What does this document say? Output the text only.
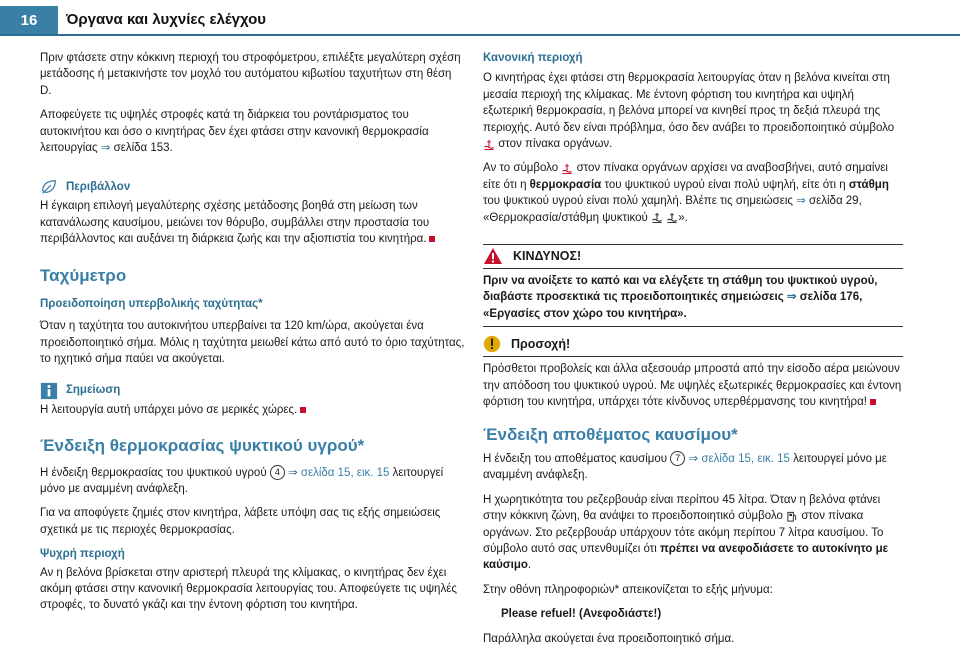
16	Όργανα και λυχνίες ελέγχου

Πριν φτάσετε στην κόκκινη περιοχή του στροφόμετρου, επιλέξτε μεγαλύτερη σχέση μετάδοσης ή μετακινήστε τον μοχλό του αυτόματου κιβωτίου ταχυτήτων στη θέση D.

Αποφεύγετε τις υψηλές στροφές κατά τη διάρκεια του ροντάρισματος του αυτοκινήτου και όσο ο κινητήρας δεν έχει φτάσει στην κανονική θερμοκρασία λειτουργίας ⇒ σελίδα 153.

Περιβάλλον

Η έγκαιρη επιλογή μεγαλύτερης σχέσης μετάδοσης βοηθά στη μείωση των κατανάλωσης καυσίμου, μειώνει τον θόρυβο, συμβάλλει στην προστασία του περιβάλλοντος και αυξάνει τη διάρκεια ζωής και την αξιοπιστία του κινητήρα.

Ταχύμετρο
Προειδοποίηση υπερβολικής ταχύτητας*

Όταν η ταχύτητα του αυτοκινήτου υπερβαίνει τα 120 km/ώρα, ακούγεται ένα προειδοποιητικό σήμα. Μόλις η ταχύτητα μειωθεί κάτω από αυτό το όριο ταχύτητας, το ηχητικό σήμα παύει να ακούγεται.

Σημείωση

Η λειτουργία αυτή υπάρχει μόνο σε μερικές χώρες.

Ένδειξη θερμοκρασίας ψυκτικού υγρού*

Η ένδειξη θερμοκρασίας του ψυκτικού υγρού 4 ⇒ σελίδα 15, εικ. 15 λειτουργεί μόνο με αναμμένη ανάφλεξη.

Για να αποφύγετε ζημιές στον κινητήρα, λάβετε υπόψη σας τις εξής σημειώσεις σχετικά με τις περιοχές θερμοκρασίας.

Ψυχρή περιοχή

Αν η βελόνα βρίσκεται στην αριστερή πλευρά της κλίμακας, ο κινητήρας δεν έχει ακόμη φτάσει στην κανονική θερμοκρασία λειτουργίας του. Αποφεύγετε τις υψηλές στροφές, το δυνατό γκάζι και την έντονη φόρτιση του κινητήρα.

Κανονική περιοχή

Ο κινητήρας έχει φτάσει στη θερμοκρασία λειτουργίας όταν η βελόνα κινείται στη μεσαία περιοχή της κλίμακας. Με έντονη φόρτιση του κινητήρα και υψηλή εξωτερική θερμοκρασία, η βελόνα μπορεί να κινηθεί προς τη δεξιά πλευρά της περιοχής. Αυτό δεν είναι πρόβλημα, όσο δεν ανάβει το προειδοποιητικό σύμβολο  στον πίνακα οργάνων.

Αν το σύμβολο στον πίνακα οργάνων αρχίσει να αναβοσβήνει, αυτό σημαίνει είτε ότι η θερμοκρασία του ψυκτικού υγρού είναι πολύ υψηλή, είτε ότι η στάθμη του ψυκτικού υγρού είναι πολύ χαμηλή. Βλέπε τις σημειώσεις ⇒ σελίδα 29, «Θερμοκρασία/στάθμη ψυκτικού	».

ΚΙΝΔΥΝΟΣ!

Πριν να ανοίξετε το καπό και να ελέγξετε τη στάθμη του ψυκτικού υγρού, διαβάστε προσεκτικά τις προειδοποιητικές σημειώσεις ⇒ σελίδα 176, «Εργασίες στον χώρο του κινητήρα».

Προσοχή!

Πρόσθετοι προβολείς και άλλα αξεσουάρ μπροστά από την είσοδο αέρα μειώνουν την απόδοση του ψυκτικού υγρού. Με υψηλές εξωτερικές θερμοκρασίες και έντονη φόρτιση του κινητήρα, υπάρχει τότε κίνδυνος υπερθέρμανσης του κινητήρα!

Ένδειξη αποθέματος καυσίμου*

Η ένδειξη του αποθέματος καυσίμου 7 ⇒ σελίδα 15, εικ. 15 λειτουργεί μόνο με αναμμένη ανάφλεξη.

Η χωρητικότητα του ρεζερβουάρ είναι περίπου 45 λίτρα. Όταν η βελόνα φτάνει στην κόκκινη ζώνη, θα ανάψει το προειδοποιητικό σύμβολο στον πίνακα οργάνων. Στο ρεζερβουάρ υπάρχουν τότε ακόμη περίπου 7 λίτρα καυσίμου. Το σύμβολο αυτό σας υπενθυμίζει ότι πρέπει να ανεφοδιάσετε το αυτοκίνητο με καύσιμο.

Στην οθόνη πληροφοριών* απεικονίζεται το εξής μήνυμα:

Please refuel! (Ανεφοδιάστε!)

Παράλληλα ακούγεται ένα προειδοποιητικό σήμα.
